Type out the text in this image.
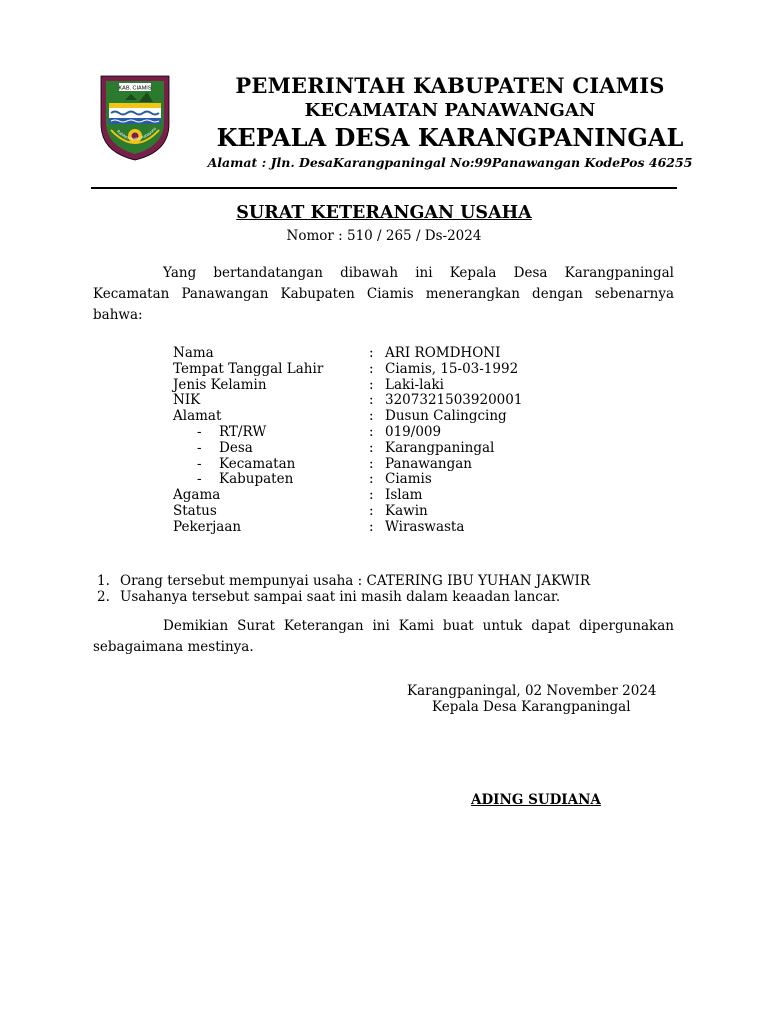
KAB. CIAMIS
Rahayu Ayuhe Rahayuno
PEMERINTAH KABUPATEN CIAMIS
KECAMATAN PANAWANGAN
KEPALA DESA KARANGPANINGAL
Alamat : Jln. DesaKarangpaningal No:99Panawangan KodePos 46255
SURAT KETERANGAN USAHA
Nomor : 510 / 265 / Ds-2024
Yang bertandatangan dibawah ini Kepala Desa Karangpaningal Kecamatan Panawangan Kabupaten Ciamis menerangkan dengan sebenarnya bahwa:
Nama	: ARI ROMDHONI
Tempat Tanggal Lahir	: Ciamis, 15-03-1992
Jenis Kelamin	: Laki-laki
NIK	: 3207321503920001
Alamat	: Dusun Calingcing
- RT/RW	: 019/009
- Desa	: Karangpaningal
- Kecamatan	: Panawangan
- Kabupaten	: Ciamis
Agama	: Islam
Status	: Kawin
Pekerjaan	: Wiraswasta
1. Orang tersebut mempunyai usaha : CATERING IBU YUHAN JAKWIR
2. Usahanya tersebut sampai saat ini masih dalam keaadan lancar.
Demikian Surat Keterangan ini Kami buat untuk dapat dipergunakan sebagaimana mestinya.
Karangpaningal, 02 November 2024
Kepala Desa Karangpaningal
ADING SUDIANA
